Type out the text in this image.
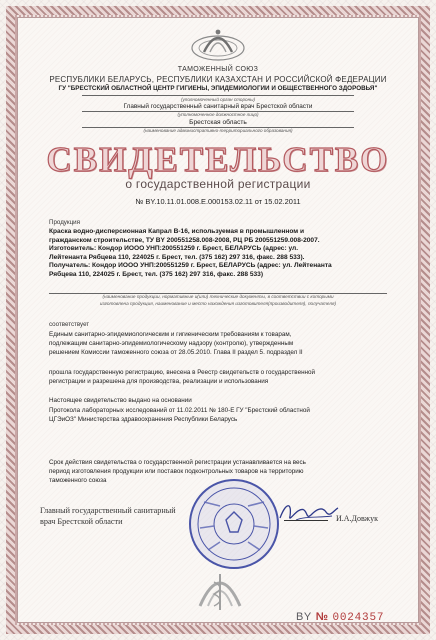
ТАМОЖЕННЫЙ СОЮЗ
РЕСПУБЛИКИ БЕЛАРУСЬ, РЕСПУБЛИКИ КАЗАХСТАН И РОССИЙСКОЙ ФЕДЕРАЦИИ
ГУ "БРЕСТСКИЙ ОБЛАСТНОЙ ЦЕНТР ГИГИЕНЫ, ЭПИДЕМИОЛОГИИ И ОБЩЕСТВЕННОГО ЗДОРОВЬЯ"
(уполномоченный орган стороны)
Главный государственный санитарный врач Брестской области
(уполномоченное должностное лицо)
Брестская область
(наименование административно-территориального образования)
СВИДЕТЕЛЬСТВО
о государственной регистрации
№ BY.10.11.01.008.E.000153.02.11 от 15.02.2011
Продукция
Краска водно-дисперсионная Капрал В-16, используемая в промышленном и
гражданском строительстве, ТУ BY 200551258.008-2008, РЦ РБ 200551259.008-2007.
Изготовитель: Кондор ИООО УНП:200551259 г. Брест, БЕЛАРУСЬ (адрес: ул.
Лейтенанта Рябцева 110, 224025 г. Брест, тел. (375 162) 297 316, факс. 288 533).
Получатель: Кондор ИООО УНП:200551259 г. Брест, БЕЛАРУСЬ (адрес: ул. Лейтенанта
Рябцева 110, 224025 г. Брест, тел. (375 162) 297 316, факс. 288 533)
(наименование продукции, нормативные и(или) технические документы, в соответствии с которыми
изготовлена продукция, наименование и место нахождения изготовителя(производителя), получателя)
соответствует
Единым санитарно-эпидемиологическим и гигиеническим требованиям к товарам,
подлежащим санитарно-эпидемиологическому надзору (контролю), утвержденным
решением Комиссии таможенного союза от 28.05.2010. Глава II раздел 5. подраздел II
прошла государственную регистрацию, внесена в Реестр свидетельств о государственной
регистрации и разрешена для производства, реализации и использования
Настоящее свидетельство выдано на основании
Протокола лабораторных исследований от 11.02.2011 № 180-Е ГУ "Брестский областной
ЦГЭиОЗ" Министерства здравоохранения Республики Беларусь
Срок действия свидетельства о государственной регистрации устанавливается на весь
период изготовления продукции или поставок подконтрольных товаров на территорию
таможенного союза
Главный государственный санитарный
врач Брестской области	И.А.Довжук
BY № 0024357
